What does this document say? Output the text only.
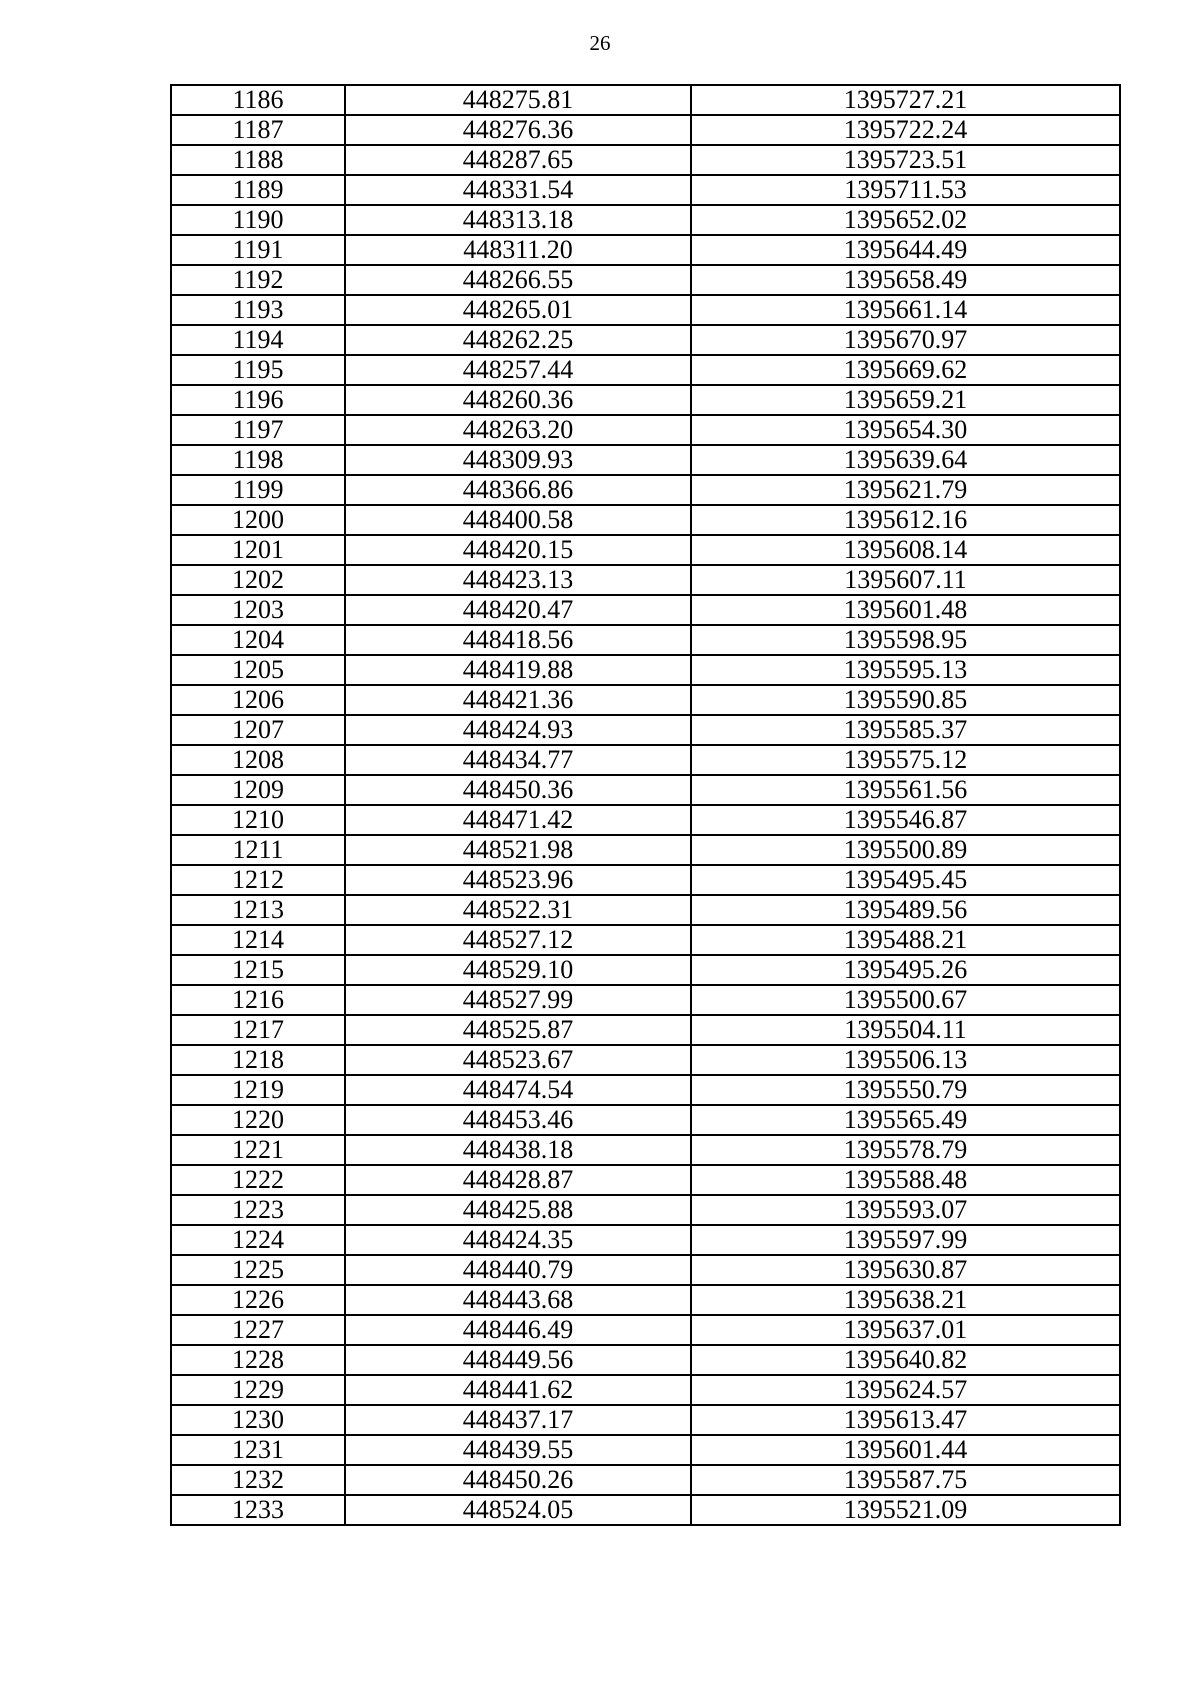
26
1186	448275.81	1395727.21
1187	448276.36	1395722.24
1188	448287.65	1395723.51
1189	448331.54	1395711.53
1190	448313.18	1395652.02
1191	448311.20	1395644.49
1192	448266.55	1395658.49
1193	448265.01	1395661.14
1194	448262.25	1395670.97
1195	448257.44	1395669.62
1196	448260.36	1395659.21
1197	448263.20	1395654.30
1198	448309.93	1395639.64
1199	448366.86	1395621.79
1200	448400.58	1395612.16
1201	448420.15	1395608.14
1202	448423.13	1395607.11
1203	448420.47	1395601.48
1204	448418.56	1395598.95
1205	448419.88	1395595.13
1206	448421.36	1395590.85
1207	448424.93	1395585.37
1208	448434.77	1395575.12
1209	448450.36	1395561.56
1210	448471.42	1395546.87
1211	448521.98	1395500.89
1212	448523.96	1395495.45
1213	448522.31	1395489.56
1214	448527.12	1395488.21
1215	448529.10	1395495.26
1216	448527.99	1395500.67
1217	448525.87	1395504.11
1218	448523.67	1395506.13
1219	448474.54	1395550.79
1220	448453.46	1395565.49
1221	448438.18	1395578.79
1222	448428.87	1395588.48
1223	448425.88	1395593.07
1224	448424.35	1395597.99
1225	448440.79	1395630.87
1226	448443.68	1395638.21
1227	448446.49	1395637.01
1228	448449.56	1395640.82
1229	448441.62	1395624.57
1230	448437.17	1395613.47
1231	448439.55	1395601.44
1232	448450.26	1395587.75
1233	448524.05	1395521.09
